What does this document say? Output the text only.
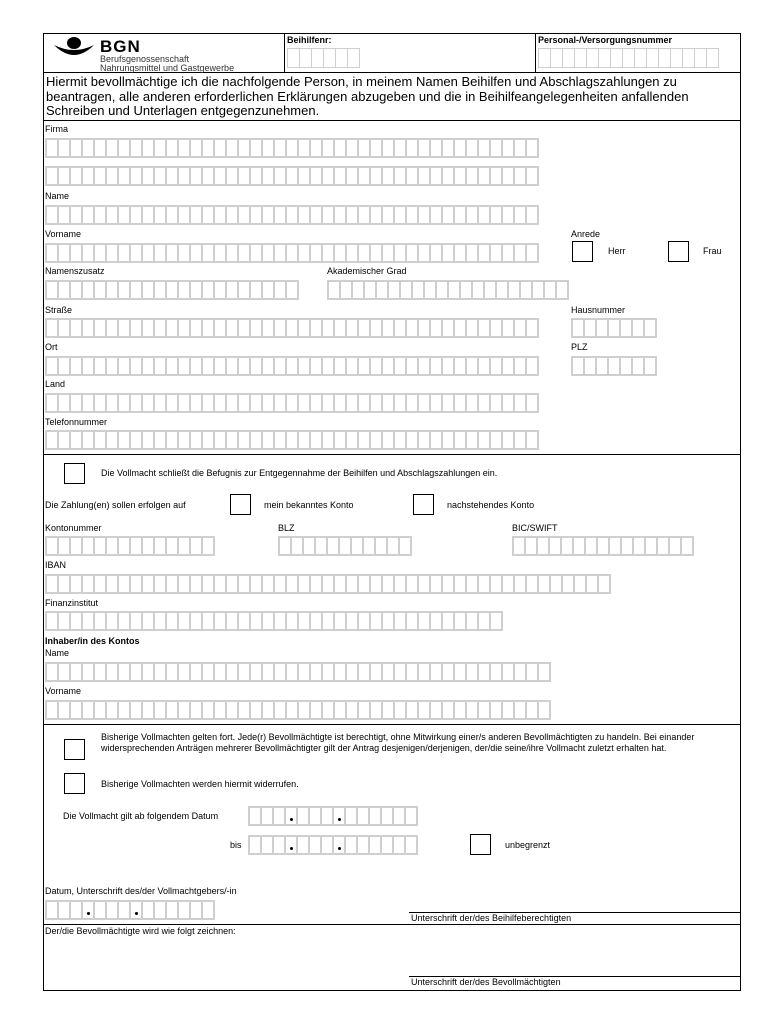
BGN
Berufsgenossenschaft
Nahrungsmittel und Gastgewerbe
Beihilfenr:	Personal-/Versorgungsnummer
Hiermit bevollmächtige ich die nachfolgende Person, in meinem Namen Beihilfen und Abschlagszahlungen zu beantragen, alle anderen erforderlichen Erklärungen abzugeben und die in Beihilfeangelegenheiten anfallenden Schreiben und Unterlagen entgegenzunehmen.
Firma
Name
Vorname	Anrede
Herr	Frau
Namenszusatz	Akademischer Grad
Straße	Hausnummer
Ort	PLZ
Land
Telefonnummer
Die Vollmacht schließt die Befugnis zur Entgegennahme der Beihilfen und Abschlagszahlungen ein.
Die Zahlung(en) sollen erfolgen auf	mein bekanntes Konto	nachstehendes Konto
Kontonummer	BLZ	BIC/SWIFT
IBAN
Finanzinstitut
Inhaber/in des Kontos
Name
Vorname
Bisherige Vollmachten gelten fort. Jede(r) Bevollmächtigte ist berechtigt, ohne Mitwirkung einer/s anderen Bevollmächtigten zu handeln. Bei einander widersprechenden Anträgen mehrerer Bevollmächtigter gilt der Antrag desjenigen/derjenigen, der/die seine/ihre Vollmacht zuletzt erhalten hat.
Bisherige Vollmachten werden hiermit widerrufen.
Die Vollmacht gilt ab folgendem Datum
bis	unbegrenzt
Datum, Unterschrift des/der Vollmachtgebers/-in
Unterschrift der/des Beihilfeberechtigten
Der/die Bevollmächtigte wird wie folgt zeichnen:
Unterschrift der/des Bevollmächtigten
